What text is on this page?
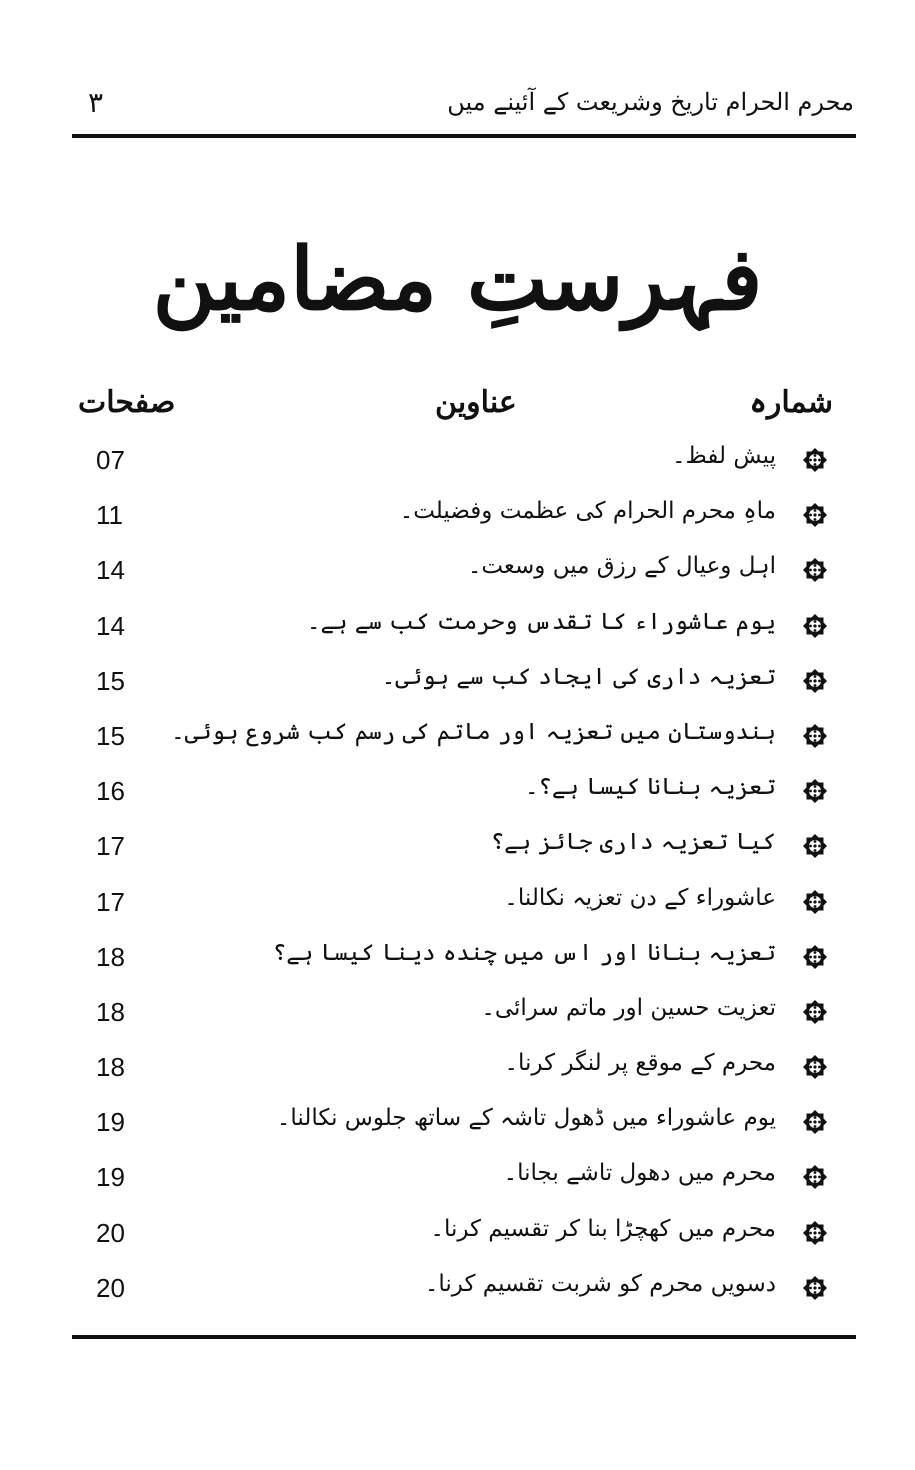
محرم الحرام تاریخ وشریعت کے آئینے میں
۳
فہرستِ مضامین
شمارہ
عناوین
صفحات
پیش لفظ۔
07
ماہِ محرم الحرام کی عظمت وفضیلت۔
11
اہل وعیال کے رزق میں وسعت۔
14
یوم عاشوراء کا تقدس وحرمت کب سے ہے۔
14
تعزیہ داری کی ایجاد کب سے ہوئی۔
15
ہندوستان میں تعزیہ اور ماتم کی رسم کب شروع ہوئی۔
15
تعزیہ بنانا کیسا ہے؟۔
16
کیا تعزیہ داری جائز ہے؟
17
عاشوراء کے دن تعزیہ نکالنا۔
17
تعزیہ بنانا اور اس میں چندہ دینا کیسا ہے؟
18
تعزیت حسین اور ماتم سرائی۔
18
محرم کے موقع پر لنگر کرنا۔
18
یوم عاشوراء میں ڈھول تاشہ کے ساتھ جلوس نکالنا۔
19
محرم میں دھول تاشے بجانا۔
19
محرم میں کھچڑا بنا کر تقسیم کرنا۔
20
دسویں محرم کو شربت تقسیم کرنا۔
20
